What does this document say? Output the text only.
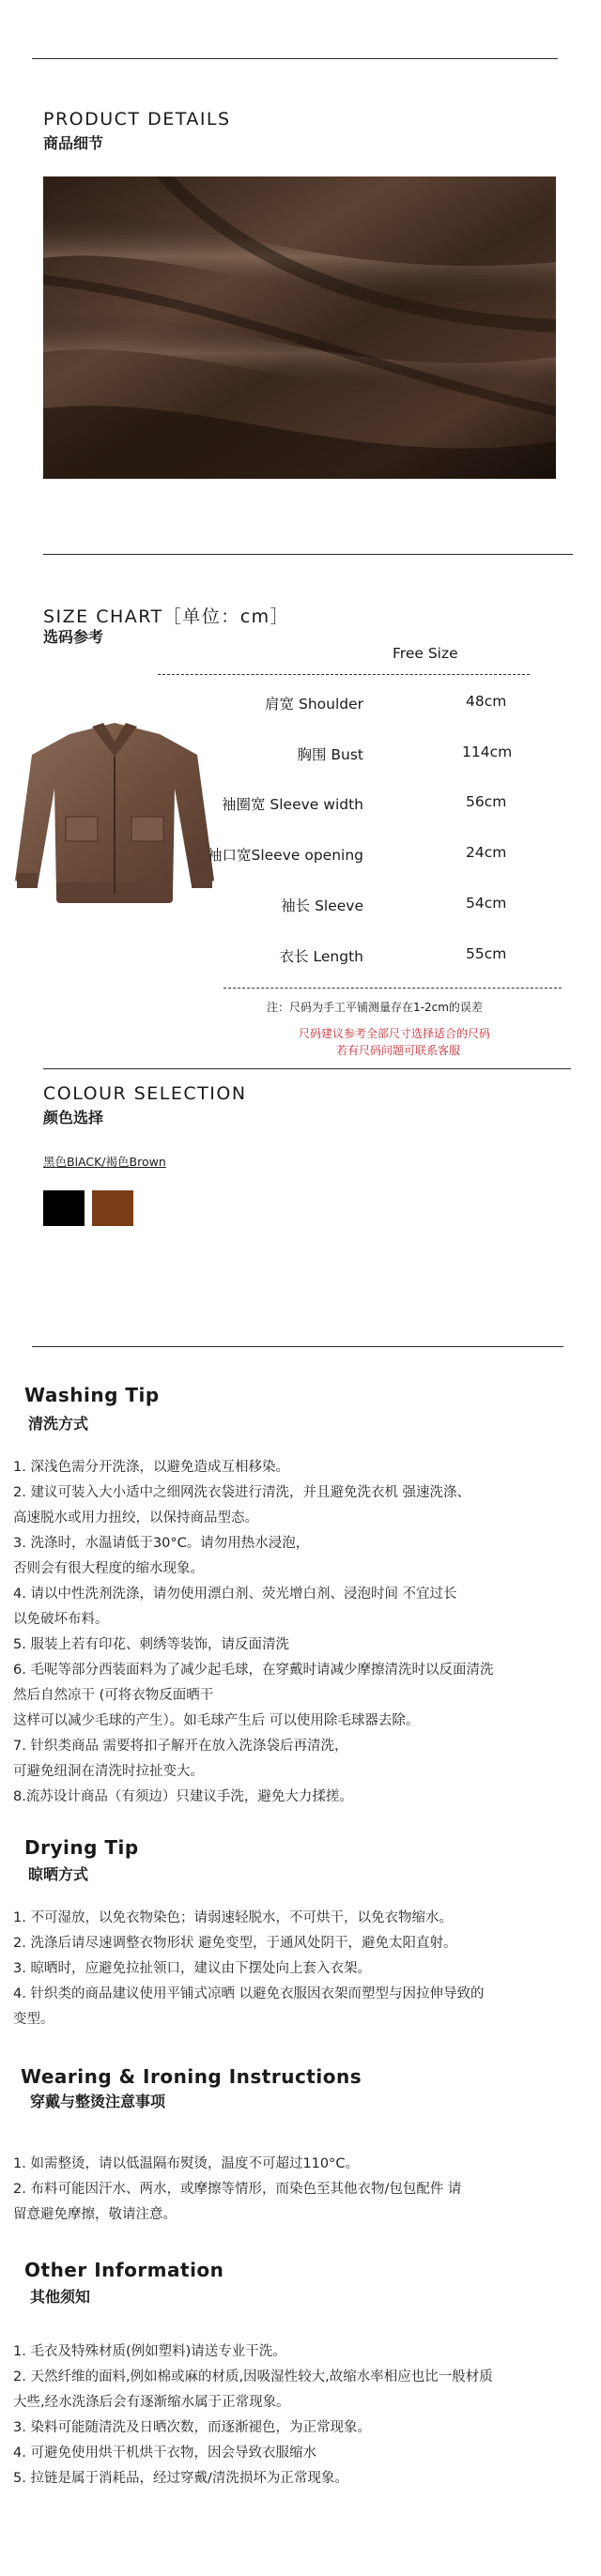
PRODUCT DETAILS
商品细节
SIZE CHART［单位：cm］
选码参考
Free Size
肩宽 Shoulder	48cm
胸围 Bust	114cm
袖圈宽 Sleeve width	56cm
袖口宽Sleeve opening	24cm
袖长 Sleeve	54cm
衣长 Length	55cm
注：尺码为手工平铺测量存在1-2cm的误差
尺码建议参考全部尺寸选择适合的尺码
若有尺码问题可联系客服
COLOUR SELECTION
颜色选择
黑色BlACK/褐色Brown
Washing Tip
清洗方式
1. 深浅色需分开洗涤，以避免造成互相移染。
2. 建议可装入大小适中之细网洗衣袋进行清洗，并且避免洗衣机 强速洗涤、
高速脱水或用力扭绞，以保持商品型态。
3. 洗涤时，水温请低于30°C。请勿用热水浸泡，
否则会有很大程度的缩水现象。
4. 请以中性洗剂洗涤，请勿使用漂白剂、荧光增白剂、浸泡时间 不宜过长
以免破坏布料。
5. 服装上若有印花、刺绣等装饰，请反面清洗
6. 毛呢等部分西装面料为了减少起毛球，在穿戴时请减少摩擦清洗时以反面清洗
然后自然凉干 (可将衣物反面晒干
这样可以减少毛球的产生）。如毛球产生后 可以使用除毛球器去除。
7. 针织类商品 需要将扣子解开在放入洗涤袋后再清洗，
可避免纽洞在清洗时拉扯变大。
8.流苏设计商品（有须边）只建议手洗，避免大力揉搓。
Drying Tip
晾晒方式
1. 不可湿放，以免衣物染色；请弱速轻脱水，不可烘干，以免衣物缩水。
2. 洗涤后请尽速调整衣物形状 避免变型，于通风处阴干，避免太阳直射。
3. 晾晒时，应避免拉扯领口，建议由下摆处向上套入衣架。
4. 针织类的商品建议使用平铺式凉晒 以避免衣服因衣架而塑型与因拉伸导致的
变型。
Wearing & Ironing Instructions
穿戴与整烫注意事项
1. 如需整烫，请以低温隔布熨烫，温度不可超过110°C。
2. 布料可能因汗水、两水，或摩擦等情形，而染色至其他衣物/包包配件 请
留意避免摩擦，敬请注意。
Other Information
其他须知
1. 毛衣及特殊材质(例如塑料)请送专业干洗。
2. 天然纤维的面料,例如棉或麻的材质,因吸湿性较大,故缩水率相应也比一般材质
大些,经水洗涤后会有逐渐缩水属于正常现象。
3. 染料可能随清洗及日晒次数，而逐渐褪色，为正常现象。
4. 可避免使用烘干机烘干衣物，因会导致衣服缩水
5. 拉链是属于消耗品，经过穿戴/清洗损坏为正常现象。
